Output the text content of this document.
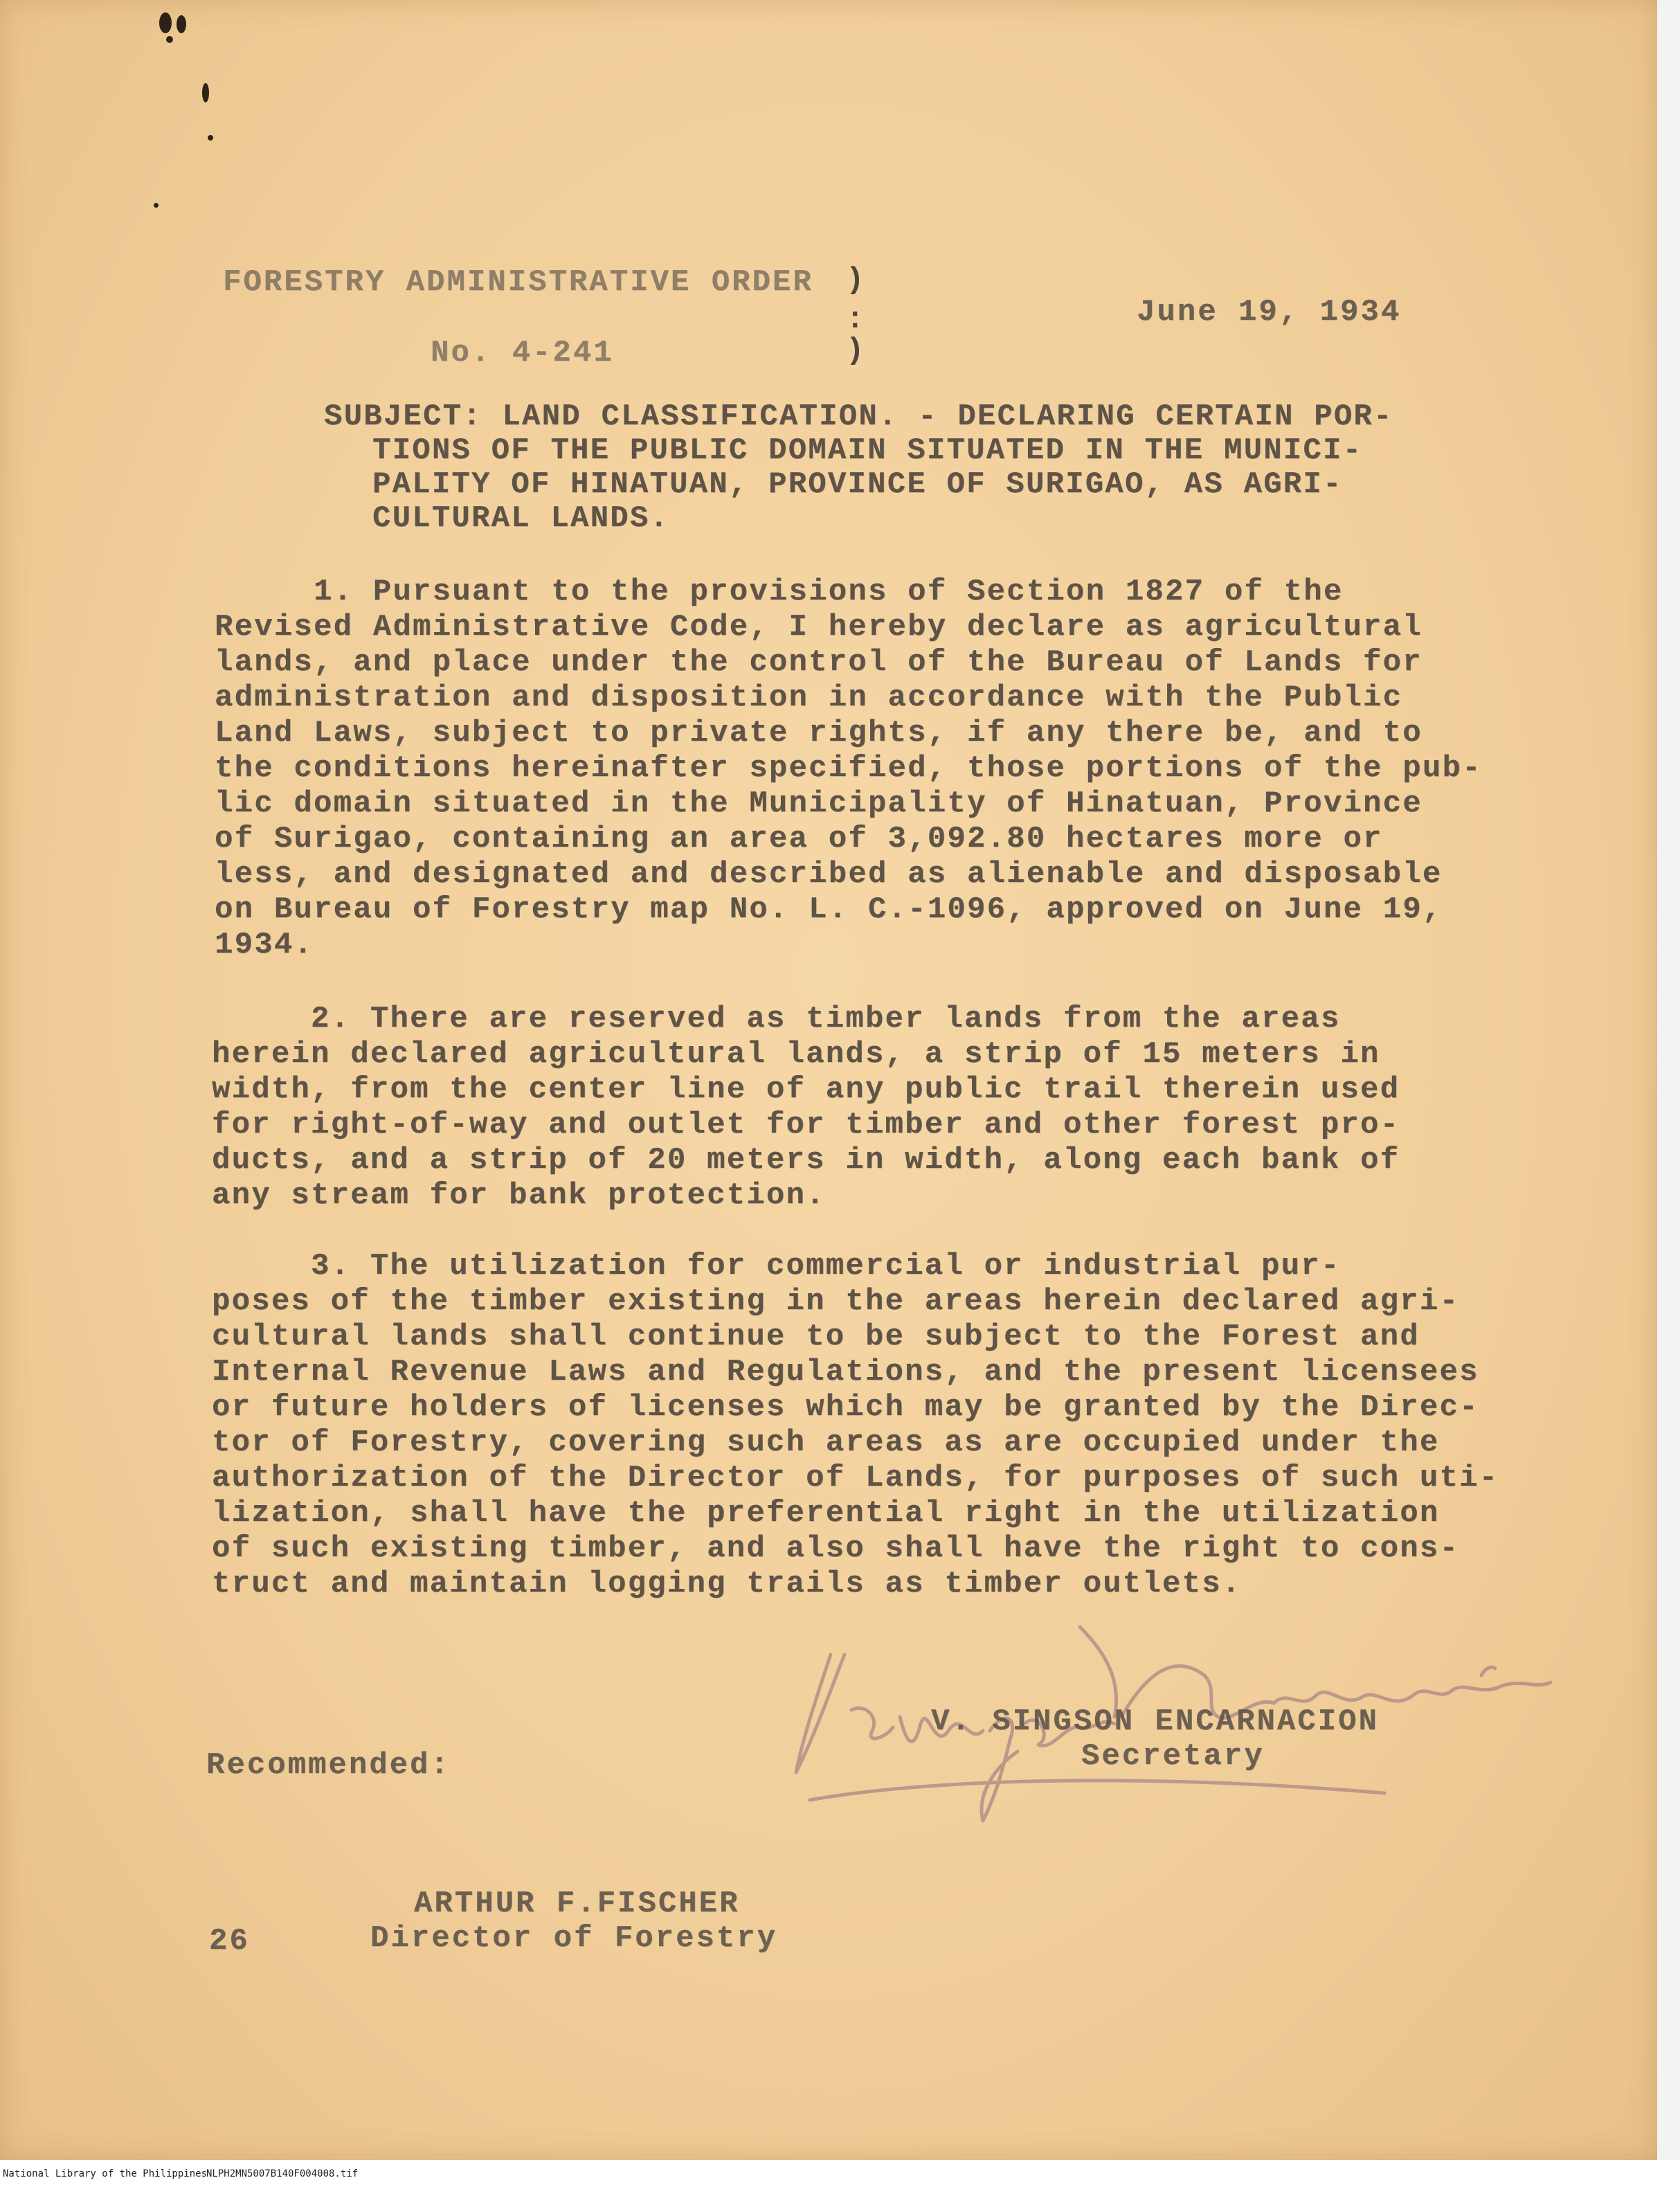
FORESTRY ADMINISTRATIVE ORDER
No. 4-241
)
:
)
June 19, 1934
SUBJECT: LAND CLASSIFICATION. - DECLARING CERTAIN POR-
TIONS OF THE PUBLIC DOMAIN SITUATED IN THE MUNICI-
PALITY OF HINATUAN, PROVINCE OF SURIGAO, AS AGRI-
CULTURAL LANDS.
1. Pursuant to the provisions of Section 1827 of the
Revised Administrative Code, I hereby declare as agricultural
lands, and place under the control of the Bureau of Lands for
administration and disposition in accordance with the Public
Land Laws, subject to private rights, if any there be, and to
the conditions hereinafter specified, those portions of the pub-
lic domain situated in the Municipality of Hinatuan, Province
of Surigao, containing an area of 3,092.80 hectares more or
less, and designated and described as alienable and disposable
on Bureau of Forestry map No. L. C.-1096, approved on June 19,
1934.
2. There are reserved as timber lands from the areas
herein declared agricultural lands, a strip of 15 meters in
width, from the center line of any public trail therein used
for right-of-way and outlet for timber and other forest pro-
ducts, and a strip of 20 meters in width, along each bank of
any stream for bank protection.
3. The utilization for commercial or industrial pur-
poses of the timber existing in the areas herein declared agri-
cultural lands shall continue to be subject to the Forest and
Internal Revenue Laws and Regulations, and the present licensees
or future holders of licenses which may be granted by the Direc-
tor of Forestry, covering such areas as are occupied under the
authorization of the Director of Lands, for purposes of such uti-
lization, shall have the preferential right in the utilization
of such existing timber, and also shall have the right to cons-
truct and maintain logging trails as timber outlets.
V. SINGSON ENCARNACION
Secretary
Recommended:
ARTHUR F.FISCHER
Director of Forestry
26
National Library of the Philippines
NLPH2MN5007B140F004008.tif
